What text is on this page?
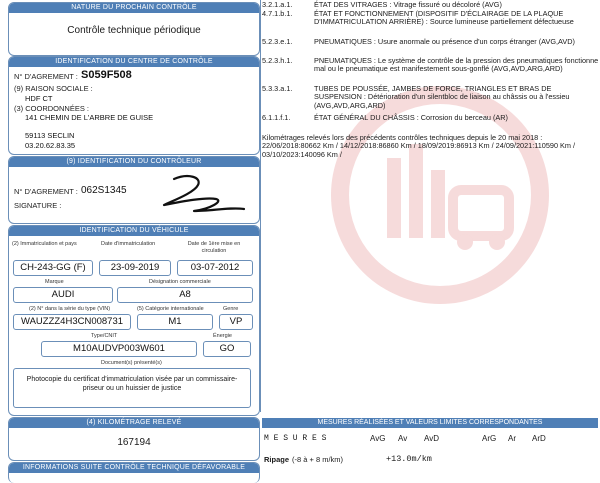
NATURE DU PROCHAIN CONTRÔLE
Contrôle technique périodique
IDENTIFICATION DU CENTRE DE CONTRÔLE
N° D'AGREMENT : S059F508
(9) RAISON SOCIALE :
HDF CT
(3) COORDONNÉES :
141 CHEMIN DE L'ARBRE DE GUISE
59113 SECLIN
03.20.62.83.35
(9) IDENTIFICATION DU CONTRÔLEUR
N° D'AGREMENT : 062S1345
SIGNATURE :
IDENTIFICATION DU VÉHICULE
(2) Immatriculation et pays	Date d'immatriculation	Date de 1ère mise en circulation
CH-243-GG (F)	23-09-2019	03-07-2012
Marque	Désignation commerciale
AUDI	A8
(2) N° dans la série du type (VIN)	(5) Catégorie internationale	Genre
WAUZZZ4H3CN008731	M1	VP
Type/CNIT	Énergie
M10AUDVP003W601	GO
Document(s) présenté(s)
Photocopie du certificat d'immatriculation visée par un commissaire-priseur ou un huissier de justice
(4) KILOMÉTRAGE RELEVÉ
167194
INFORMATIONS SUITE CONTRÔLE TECHNIQUE DÉFAVORABLE
3.2.1.a.1.	ÉTAT DES VITRAGES : Vitrage fissuré ou décoloré (AVG)
4.7.1.b.1.	ÉTAT ET FONCTIONNEMENT (DISPOSITIF D'ÉCLAIRAGE DE LA PLAQUE D'IMMATRICULATION ARRIÈRE) : Source lumineuse partiellement défectueuse
5.2.3.e.1.	PNEUMATIQUES : Usure anormale ou présence d'un corps étranger (AVG,AVD)
5.2.3.h.1.	PNEUMATIQUES : Le système de contrôle de la pression des pneumatiques fonctionne mal ou le pneumatique est manifestement sous-gonflé (AVG,AVD,ARG,ARD)
5.3.3.a.1.	TUBES DE POUSSÉE, JAMBES DE FORCE, TRIANGLES ET BRAS DE SUSPENSION : Détérioration d'un silentbloc de liaison au châssis ou à l'essieu (AVG,AVD,ARG,ARD)
6.1.1.f.1.	ÉTAT GÉNÉRAL DU CHÂSSIS : Corrosion du berceau (AR)
Kilométrages relevés lors des précédents contrôles techniques depuis le 20 mai 2018 : 22/06/2018:80662 Km / 14/12/2018:86860 Km / 18/09/2019:86913 Km / 24/09/2021:110590 Km / 03/10/2023:140096 Km /
MESURES RÉALISÉES ET VALEURS LIMITES CORRESPONDANTES
M E S U R E S	AvG Av AvD	ArG Ar ArD
Ripage (-8 à + 8 m/km)	+13.0m/km
